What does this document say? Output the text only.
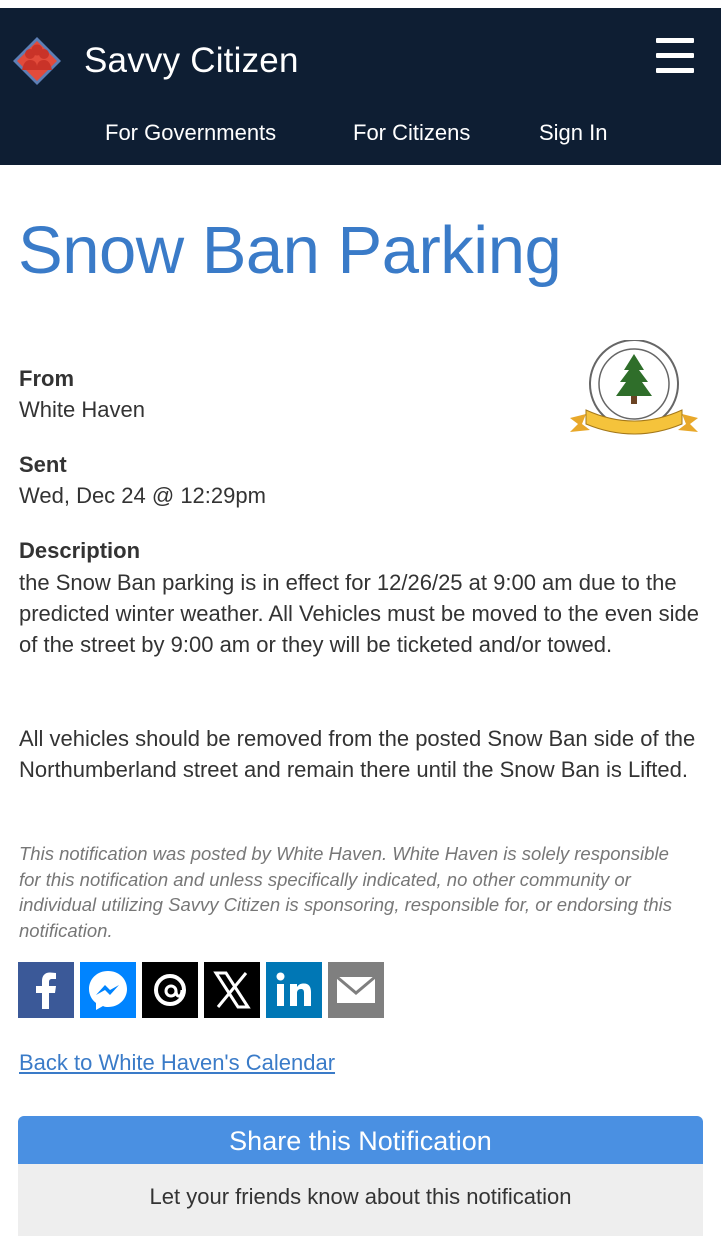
Savvy Citizen
For Governments	For Citizens	Sign In
Snow Ban Parking
From
White Haven
Sent
Wed, Dec 24 @ 12:29pm
Description

the Snow Ban parking is in effect for 12/26/25 at 9:00 am due to the predicted winter weather. All Vehicles must be moved to the even side of the street by 9:00 am or they will be ticketed and/or towed.

All vehicles should be removed from the posted Snow Ban side of the Northumberland street and remain there until the Snow Ban is Lifted.

This notification was posted by White Haven. White Haven is solely responsible for this notification and unless specifically indicated, no other community or individual utilizing Savvy Citizen is sponsoring, responsible for, or endorsing this notification.

Back to White Haven's Calendar
Share this Notification
Let your friends know about this notification
